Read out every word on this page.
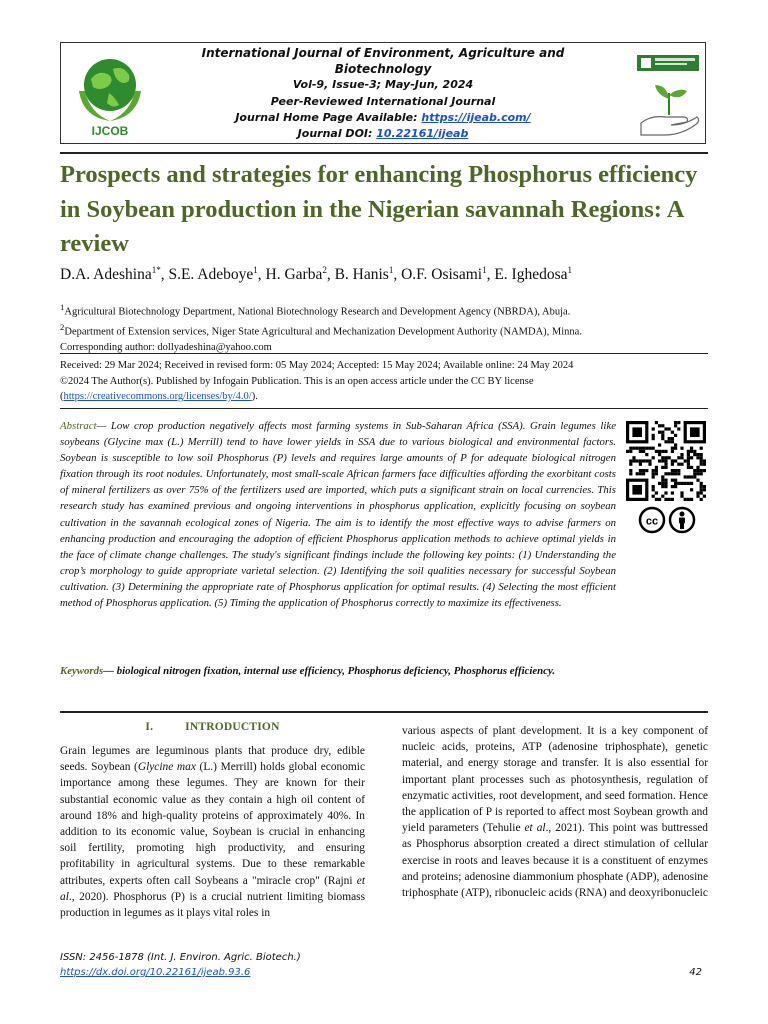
IJCOB
International Journal of Environment, Agriculture and Biotechnology
Vol-9, Issue-3; May-Jun, 2024
Peer-Reviewed International Journal
Journal Home Page Available: https://ijeab.com/
Journal DOI: 10.22161/ijeab
Prospects and strategies for enhancing Phosphorus efficiency in Soybean production in the Nigerian savannah Regions: A review
D.A. Adeshina$^{1*}$, S.E. Adeboye$^1$, H. Garba$^2$, B. Hanis$^1$, O.F. Osisami$^1$, E. Ighedosa$^1$
$^1$Agricultural Biotechnology Department, National Biotechnology Research and Development Agency (NBRDA), Abuja.
$^2$Department of Extension services, Niger State Agricultural and Mechanization Development Authority (NAMDA), Minna.
Corresponding author: dollyadeshina@yahoo.com
Received: 29 Mar 2024; Received in revised form: 05 May 2024; Accepted: 15 May 2024; Available online: 24 May 2024
©2024 The Author(s). Published by Infogain Publication. This is an open access article under the CC BY license
(https://creativecommons.org/licenses/by/4.0/).
Abstract— Low crop production negatively affects most farming systems in Sub-Saharan Africa (SSA). Grain legumes like soybeans (Glycine max (L.) Merrill) tend to have lower yields in SSA due to various biological and environmental factors. Soybean is susceptible to low soil Phosphorus (P) levels and requires large amounts of P for adequate biological nitrogen fixation through its root nodules. Unfortunately, most small-scale African farmers face difficulties affording the exorbitant costs of mineral fertilizers as over 75% of the fertilizers used are imported, which puts a significant strain on local currencies. This research study has examined previous and ongoing interventions in phosphorus application, explicitly focusing on soybean cultivation in the savannah ecological zones of Nigeria. The aim is to identify the most effective ways to advise farmers on enhancing production and encouraging the adoption of efficient Phosphorus application methods to achieve optimal yields in the face of climate change challenges. The study's significant findings include the following key points: (1) Understanding the crop’s morphology to guide appropriate varietal selection. (2) Identifying the soil qualities necessary for successful Soybean cultivation. (3) Determining the appropriate rate of Phosphorus application for optimal results. (4) Selecting the most efficient method of Phosphorus application. (5) Timing the application of Phosphorus correctly to maximize its effectiveness.
Keywords— biological nitrogen fixation, internal use efficiency, Phosphorus deficiency, Phosphorus efficiency.
cc
I.	INTRODUCTION
Grain legumes are leguminous plants that produce dry, edible seeds. Soybean (Glycine max (L.) Merrill) holds global economic importance among these legumes. They are known for their substantial economic value as they contain a high oil content of around 18% and high-quality proteins of approximately 40%. In addition to its economic value, Soybean is crucial in enhancing soil fertility, promoting high productivity, and ensuring profitability in agricultural systems. Due to these remarkable attributes, experts often call Soybeans a "miracle crop" (Rajni et al., 2020). Phosphorus (P) is a crucial nutrient limiting biomass production in legumes as it plays vital roles in
various aspects of plant development. It is a key component of nucleic acids, proteins, ATP (adenosine triphosphate), genetic material, and energy storage and transfer. It is also essential for important plant processes such as photosynthesis, regulation of enzymatic activities, root development, and seed formation. Hence the application of P is reported to affect most Soybean growth and yield parameters (Tehulie et al., 2021). This point was buttressed as Phosphorus absorption created a direct stimulation of cellular exercise in roots and leaves because it is a constituent of enzymes and proteins; adenosine diammonium phosphate (ADP), adenosine triphosphate (ATP), ribonucleic acids (RNA) and deoxyribonucleic
ISSN: 2456-1878 (Int. J. Environ. Agric. Biotech.)
https://dx.doi.org/10.22161/ijeab.93.6	42
